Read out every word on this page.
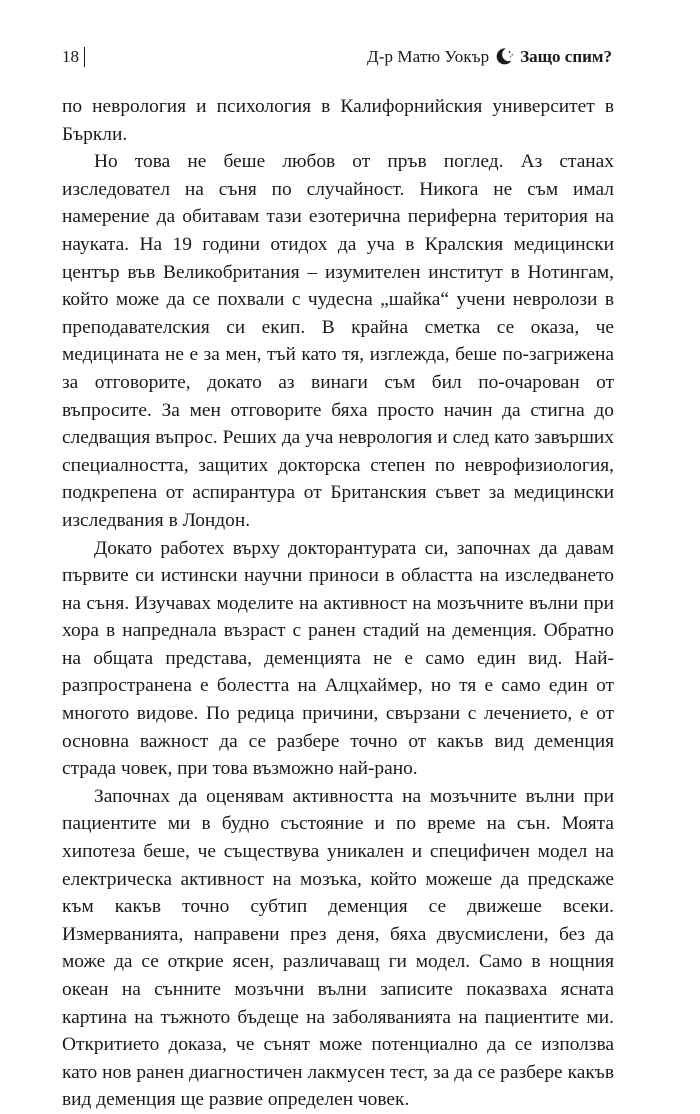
18	Д-р Матю Уокър Защо спим?

по неврология и психология в Калифорнийския университет в Бъркли.

Но това не беше любов от пръв поглед. Аз станах изследовател на съня по случайност. Никога не съм имал намерение да обитавам тази езотерична периферна територия на науката. На 19 години отидох да уча в Кралския медицински център във Великобритания – изумителен институт в Нотингам, който може да се похвали с чудесна „шайка“ учени невролози в преподавателския си екип. В крайна сметка се оказа, че медицината не е за мен, тъй като тя, изглежда, беше по-загрижена за отговорите, докато аз винаги съм бил по-очарован от въпросите. За мен отговорите бяха просто начин да стигна до следващия въпрос. Реших да уча неврология и след като завърших специалността, защитих докторска степен по неврофизиология, подкрепена от аспирантура от Британския съвет за медицински изследвания в Лондон.

Докато работех върху докторантурата си, започнах да давам първите си истински научни приноси в областта на изследването на съня. Изучавах моделите на активност на мозъчните вълни при хора в напреднала възраст с ранен стадий на деменция. Обратно на общата представа, деменцията не е само един вид. Най-разпространена е болестта на Алцхаймер, но тя е само един от многото видове. По редица причини, свързани с лечението, е от основна важност да се разбере точно от какъв вид деменция страда човек, при това възможно най-рано.

Започнах да оценявам активността на мозъчните вълни при пациентите ми в будно състояние и по време на сън. Моята хипотеза беше, че съществува уникален и специфичен модел на електрическа активност на мозъка, който можеше да предскаже към какъв точно субтип деменция се движеше всеки. Измерванията, направени през деня, бяха двусмислени, без да може да се открие ясен, различаващ ги модел. Само в нощния океан на сънните мозъчни вълни записите показваха ясната картина на тъжното бъдеще на заболяванията на пациентите ми. Откритието доказа, че сънят може потенциално да се използва като нов ранен диагностичен лакмусен тест, за да се разбере какъв вид деменция ще развие определен човек.
